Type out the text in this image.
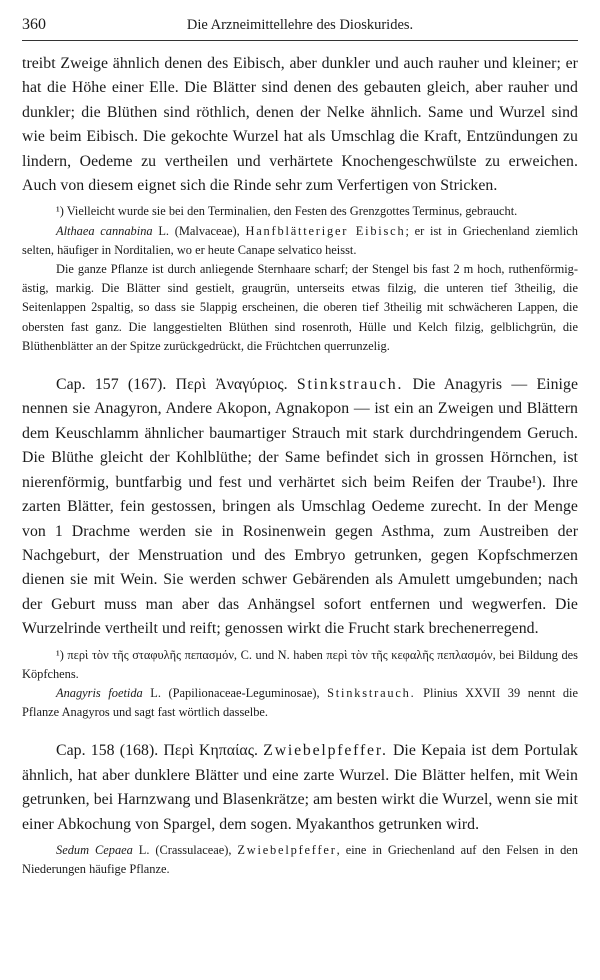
360	Die Arzneimittellehre des Dioskurides.

treibt Zweige ähnlich denen des Eibisch, aber dunkler und auch rauher und kleiner; er hat die Höhe einer Elle. Die Blätter sind denen des gebauten gleich, aber rauher und dunkler; die Blüthen sind röthlich, denen der Nelke ähnlich. Same und Wurzel sind wie beim Eibisch. Die gekochte Wurzel hat als Umschlag die Kraft, Entzündungen zu lindern, Oedeme zu vertheilen und verhärtete Knochengeschwülste zu erweichen. Auch von diesem eignet sich die Rinde sehr zum Verfertigen von Stricken.

¹) Vielleicht wurde sie bei den Terminalien, den Festen des Grenzgottes Terminus, gebraucht.

Althaea cannabina L. (Malvaceae), Hanfblätteriger Eibisch; er ist in Griechenland ziemlich selten, häufiger in Norditalien, wo er heute Canape selvatico heisst.

Die ganze Pflanze ist durch anliegende Sternhaare scharf; der Stengel bis fast 2 m hoch, ruthenförmig-ästig, markig. Die Blätter sind gestielt, graugrün, unterseits etwas filzig, die unteren tief 3theilig, die Seitenlappen 2spaltig, so dass sie 5lappig erscheinen, die oberen tief 3theilig mit schwächeren Lappen, die obersten fast ganz. Die langgestielten Blüthen sind rosenroth, Hülle und Kelch filzig, gelblichgrün, die Blüthenblätter an der Spitze zurückgedrückt, die Früchtchen querrunzelig.

Cap. 157 (167). Περὶ Ἀναγύριος. Stinkstrauch. Die Anagyris — Einige nennen sie Anagyron, Andere Akopon, Agnakopon — ist ein an Zweigen und Blättern dem Keuschlamm ähnlicher baumartiger Strauch mit stark durchdringendem Geruch. Die Blüthe gleicht der Kohlblüthe; der Same befindet sich in grossen Hörnchen, ist nierenförmig, buntfarbig und fest und verhärtet sich beim Reifen der Traube¹). Ihre zarten Blätter, fein gestossen, bringen als Umschlag Oedeme zurecht. In der Menge von 1 Drachme werden sie in Rosinenwein gegen Asthma, zum Austreiben der Nachgeburt, der Menstruation und des Embryo getrunken, gegen Kopfschmerzen dienen sie mit Wein. Sie werden schwer Gebärenden als Amulett umgebunden; nach der Geburt muss man aber das Anhängsel sofort entfernen und wegwerfen. Die Wurzelrinde vertheilt und reift; genossen wirkt die Frucht stark brechenerregend.

¹) περὶ τὸν τῆς σταφυλῆς πεπασμόν, C. und N. haben περὶ τὸν τῆς κεφαλῆς πεπλασμόν, bei Bildung des Köpfchens.

Anagyris foetida L. (Papilionaceae-Leguminosae), Stinkstrauch. Plinius XXVII 39 nennt die Pflanze Anagyros und sagt fast wörtlich dasselbe.

Cap. 158 (168). Περὶ Κηπαίας. Zwiebelpfeffer. Die Kepaia ist dem Portulak ähnlich, hat aber dunklere Blätter und eine zarte Wurzel. Die Blätter helfen, mit Wein getrunken, bei Harnzwang und Blasenkrätze; am besten wirkt die Wurzel, wenn sie mit einer Abkochung von Spargel, dem sogen. Myakanthos getrunken wird.

Sedum Cepaea L. (Crassulaceae), Zwiebelpfeffer, eine in Griechenland auf den Felsen in den Niederungen häufige Pflanze.
